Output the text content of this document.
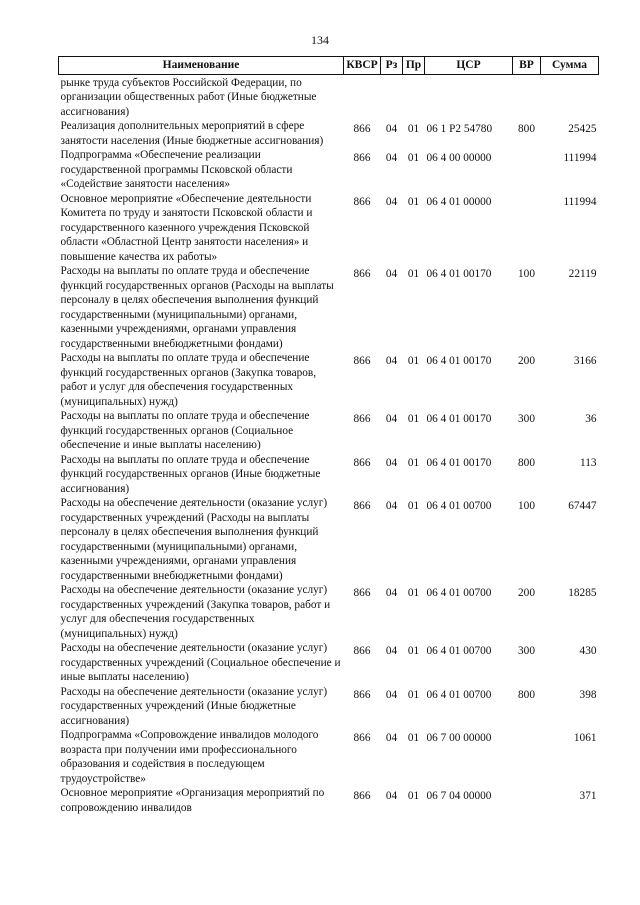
134
Наименование	КВСР	Рз	Пр	ЦСР	ВР	Сумма
рынке труда субъектов Российской Федерации, по организации общественных работ (Иные бюджетные ассигнования)						
Реализация дополнительных мероприятий в сфере занятости населения (Иные бюджетные ассигнования)	866	04	01	06 1 P2 54780	800	25425
Подпрограмма «Обеспечение реализации государственной программы Псковской области «Содействие занятости населения»	866	04	01	06 4 00 00000		111994
Основное мероприятие «Обеспечение деятельности Комитета по труду и занятости Псковской области и государственного казенного учреждения Псковской области «Областной Центр занятости населения» и повышение качества их работы»	866	04	01	06 4 01 00000		111994
Расходы на выплаты по оплате труда и обеспечение функций государственных органов (Расходы на выплаты персоналу в целях обеспечения выполнения функций государственными (муниципальными) органами, казенными учреждениями, органами управления государственными внебюджетными фондами)	866	04	01	06 4 01 00170	100	22119
Расходы на выплаты по оплате труда и обеспечение функций государственных органов (Закупка товаров, работ и услуг для обеспечения государственных (муниципальных) нужд)	866	04	01	06 4 01 00170	200	3166
Расходы на выплаты по оплате труда и обеспечение функций государственных органов (Социальное обеспечение и иные выплаты населению)	866	04	01	06 4 01 00170	300	36
Расходы на выплаты по оплате труда и обеспечение функций государственных органов (Иные бюджетные ассигнования)	866	04	01	06 4 01 00170	800	113
Расходы на обеспечение деятельности (оказание услуг) государственных учреждений (Расходы на выплаты персоналу в целях обеспечения выполнения функций государственными (муниципальными) органами, казенными учреждениями, органами управления государственными внебюджетными фондами)	866	04	01	06 4 01 00700	100	67447
Расходы на обеспечение деятельности (оказание услуг) государственных учреждений (Закупка товаров, работ и услуг для обеспечения государственных (муниципальных) нужд)	866	04	01	06 4 01 00700	200	18285
Расходы на обеспечение деятельности (оказание услуг) государственных учреждений (Социальное обеспечение и иные выплаты населению)	866	04	01	06 4 01 00700	300	430
Расходы на обеспечение деятельности (оказание услуг) государственных учреждений (Иные бюджетные ассигнования)	866	04	01	06 4 01 00700	800	398
Подпрограмма «Сопровождение инвалидов молодого возраста при получении ими профессионального образования и содействия в последующем трудоустройстве»	866	04	01	06 7 00 00000		1061
Основное мероприятие «Организация мероприятий по сопровождению инвалидов	866	04	01	06 7 04 00000		371
